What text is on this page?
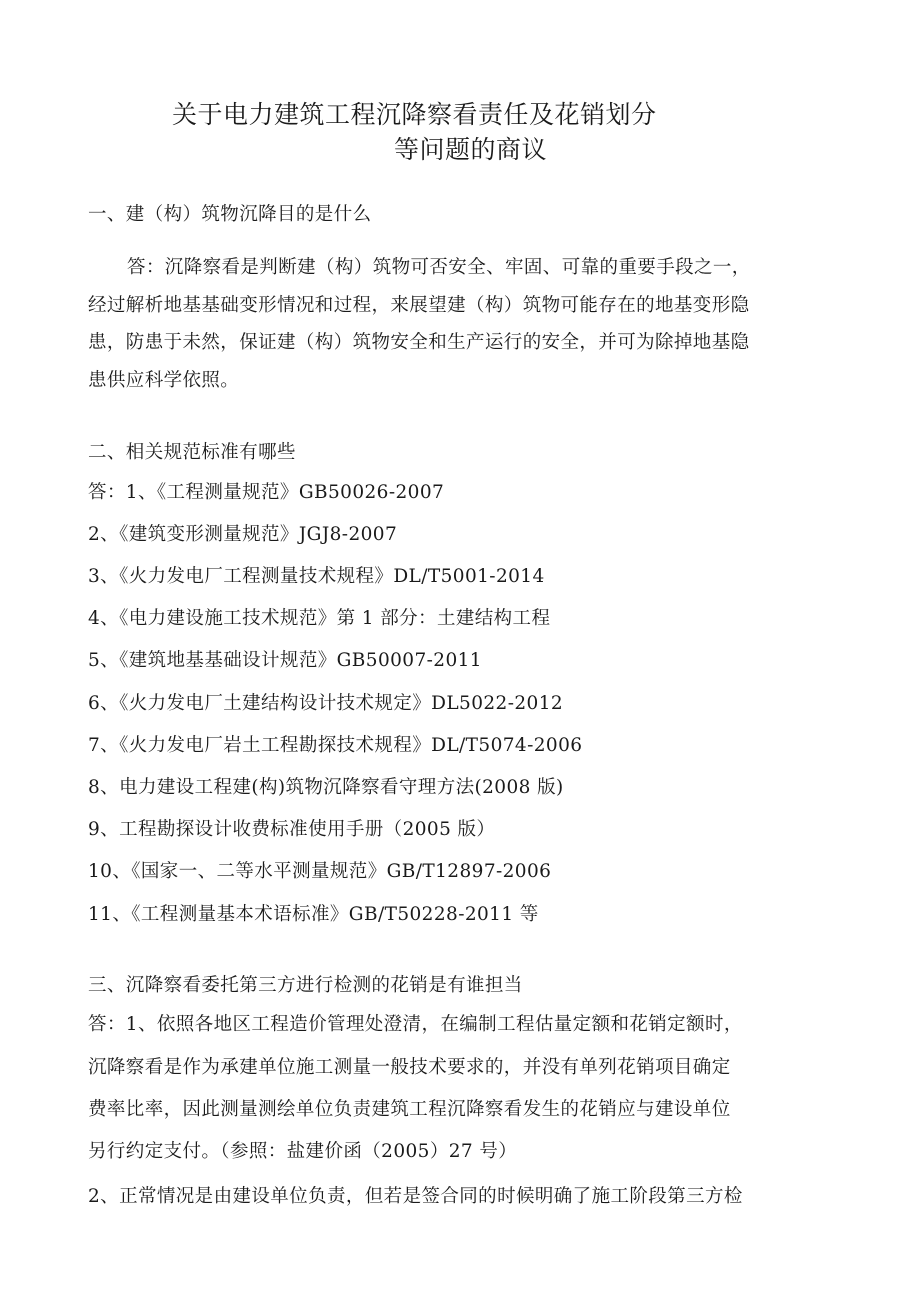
关于电力建筑工程沉降察看责任及花销划分
等问题的商议
一、建（构）筑物沉降目的是什么
答：沉降察看是判断建（构）筑物可否安全、牢固、可靠的重要手段之一，
经过解析地基基础变形情况和过程，来展望建（构）筑物可能存在的地基变形隐
患，防患于未然，保证建（构）筑物安全和生产运行的安全，并可为除掉地基隐
患供应科学依照。
二、相关规范标准有哪些
答：1、《工程测量规范》GB50026-2007
2、《建筑变形测量规范》JGJ8-2007
3、《火力发电厂工程测量技术规程》DL/T5001-2014
4、《电力建设施工技术规范》第 1 部分：土建结构工程
5、《建筑地基基础设计规范》GB50007-2011
6、《火力发电厂土建结构设计技术规定》DL5022-2012
7、《火力发电厂岩土工程勘探技术规程》DL/T5074-2006
8、电力建设工程建(构)筑物沉降察看守理方法(2008 版)
9、工程勘探设计收费标准使用手册（2005 版）
10、《国家一、二等水平测量规范》GB/T12897-2006
11、《工程测量基本术语标准》GB/T50228-2011 等
三、沉降察看委托第三方进行检测的花销是有谁担当
答：1、依照各地区工程造价管理处澄清，在编制工程估量定额和花销定额时，
沉降察看是作为承建单位施工测量一般技术要求的，并没有单列花销项目确定
费率比率，因此测量测绘单位负责建筑工程沉降察看发生的花销应与建设单位
另行约定支付。（参照：盐建价函（2005）27 号）
2、正常情况是由建设单位负责，但若是签合同的时候明确了施工阶段第三方检
